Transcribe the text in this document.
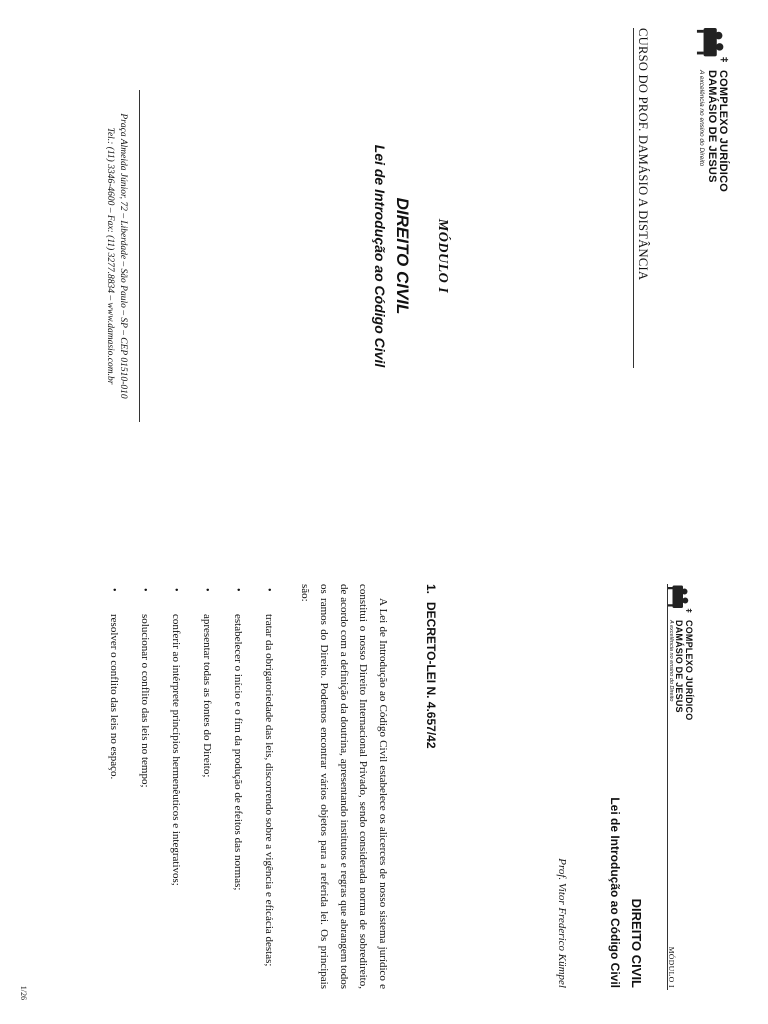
COMPLEXO JURÍDICO
DAMÁSIO DE JESUS
A excelência no ensino do Direito
CURSO DO PROF. DAMÁSIO A DISTÂNCIA
MÓDULO I
DIREITO CIVIL
Lei de Introdução ao Código Civil
Praça Almeida Júnior, 72 – Liberdade – São Paulo – SP – CEP 01510-010
Tel.: (11) 3346-4600 – Fax: (11) 3277.8834 – www.damasio.com.br
COMPLEXO JURÍDICO
DAMÁSIO DE JESUS
A excelência no ensino do Direito
MÓDULO I
DIREITO CIVIL
Lei de Introdução ao Código Civil
Prof. Vitor Frederico Kümpel
1.DECRETO-LEI N. 4.657/42

A Lei de Introdução ao Código Civil estabelece os alicerces de nosso sistema jurídico e constitui o nosso Direito Internacional Privado, sendo considerada norma de sobredireito, de acordo com a definição da doutrina, apresentando institutos e regras que abrangem todos os ramos do Direito. Podemos encontrar vários objetos para a referida lei. Os principais são:

•
tratar da obrigatoriedade das leis, discorrendo sobre a vigência e eficácia destas;
•
estabelecer o início e o fim da produção de efeitos das normas;
•
apresentar todas as fontes do Direito;
•
conferir ao intérprete princípios hermenêuticos e integrativos;
•
solucionar o conflito das leis no tempo;
•
resolver o conflito das leis no espaço.
1/26
